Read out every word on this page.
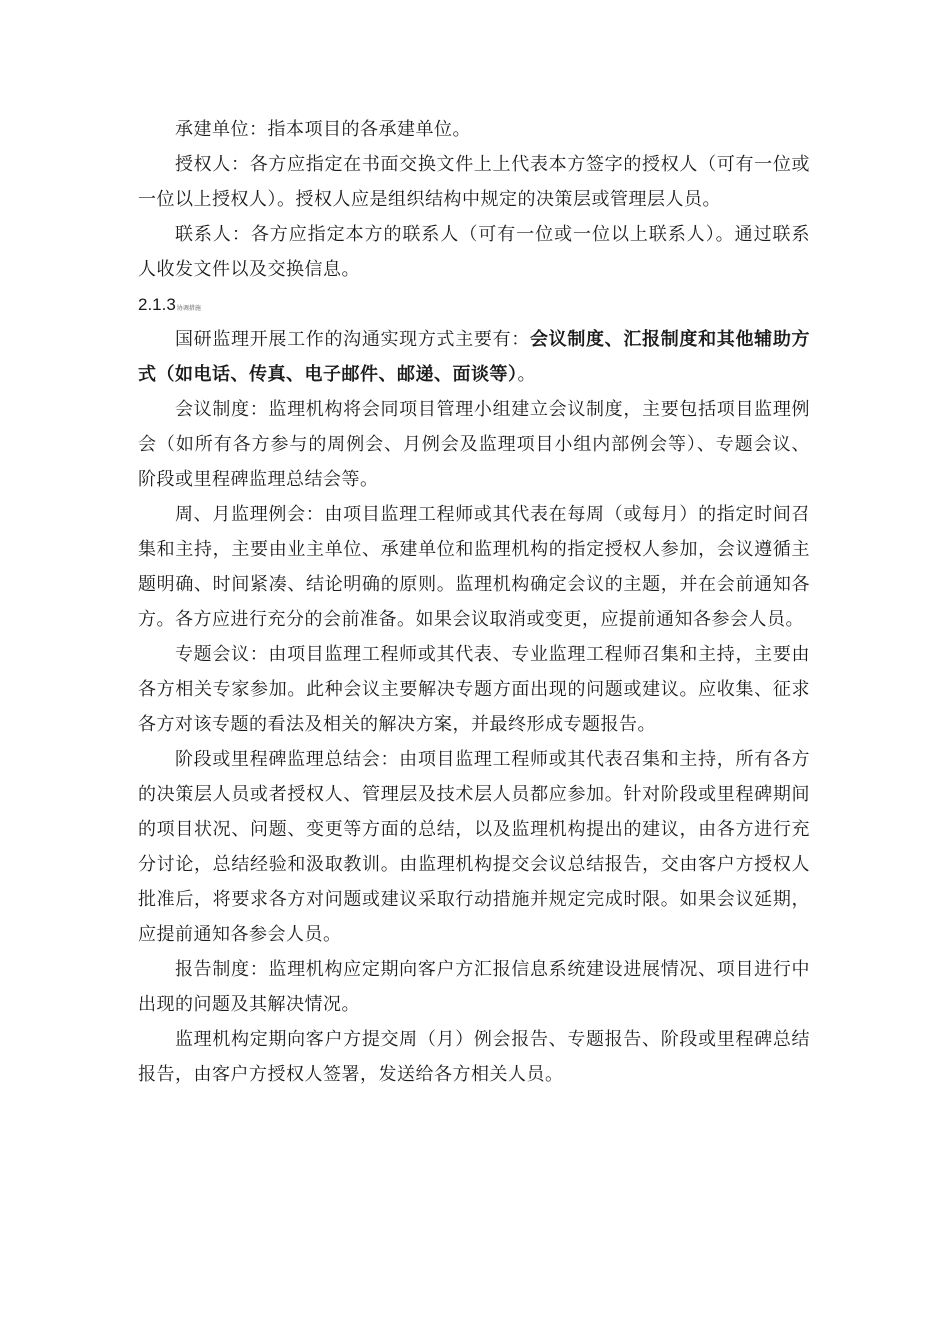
承建单位：指本项目的各承建单位。

授权人：各方应指定在书面交换文件上上代表本方签字的授权人（可有一位或一位以上授权人）。授权人应是组织结构中规定的决策层或管理层人员。

联系人：各方应指定本方的联系人（可有一位或一位以上联系人）。通过联系人收发文件以及交换信息。

2.1.3协调措施

国研监理开展工作的沟通实现方式主要有：会议制度、汇报制度和其他辅助方式（如电话、传真、电子邮件、邮递、面谈等）。

会议制度：监理机构将会同项目管理小组建立会议制度，主要包括项目监理例会（如所有各方参与的周例会、月例会及监理项目小组内部例会等）、专题会议、阶段或里程碑监理总结会等。

周、月监理例会：由项目监理工程师或其代表在每周（或每月）的指定时间召集和主持，主要由业主单位、承建单位和监理机构的指定授权人参加，会议遵循主题明确、时间紧凑、结论明确的原则。监理机构确定会议的主题，并在会前通知各方。各方应进行充分的会前准备。如果会议取消或变更，应提前通知各参会人员。

专题会议：由项目监理工程师或其代表、专业监理工程师召集和主持，主要由各方相关专家参加。此种会议主要解决专题方面出现的问题或建议。应收集、征求各方对该专题的看法及相关的解决方案，并最终形成专题报告。

阶段或里程碑监理总结会：由项目监理工程师或其代表召集和主持，所有各方的决策层人员或者授权人、管理层及技术层人员都应参加。针对阶段或里程碑期间的项目状况、问题、变更等方面的总结，以及监理机构提出的建议，由各方进行充分讨论，总结经验和汲取教训。由监理机构提交会议总结报告，交由客户方授权人批准后，将要求各方对问题或建议采取行动措施并规定完成时限。如果会议延期，应提前通知各参会人员。

报告制度：监理机构应定期向客户方汇报信息系统建设进展情况、项目进行中出现的问题及其解决情况。

监理机构定期向客户方提交周（月）例会报告、专题报告、阶段或里程碑总结报告，由客户方授权人签署，发送给各方相关人员。
